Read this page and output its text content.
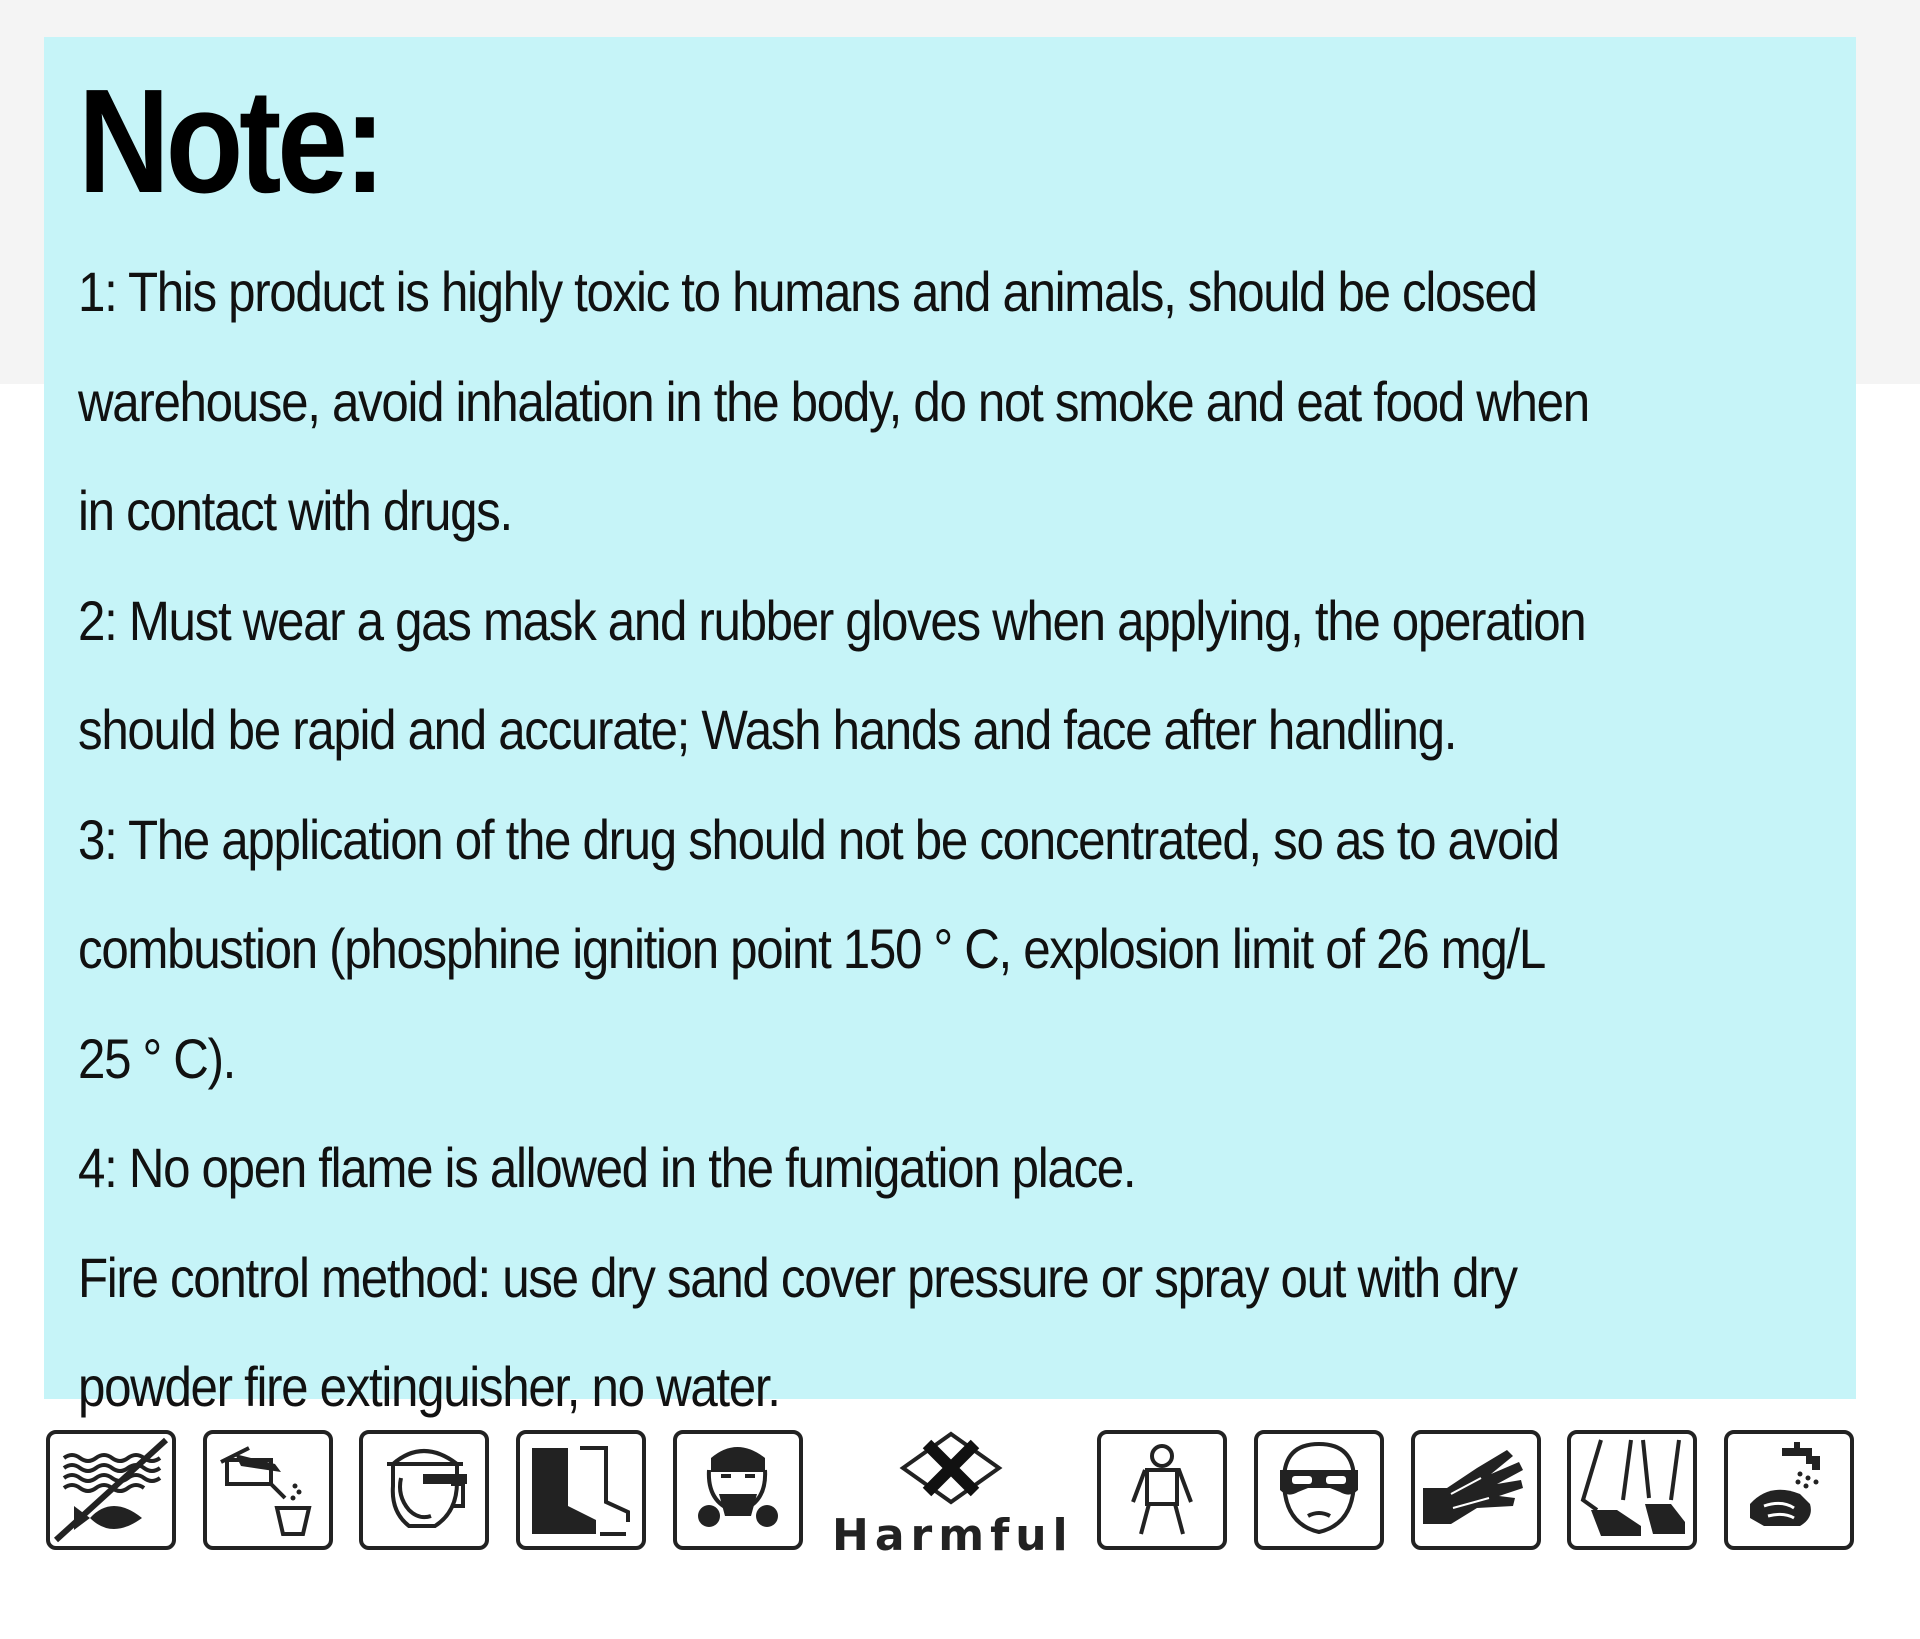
Note:

1: This product is highly toxic to humans and animals, should be closed

warehouse, avoid inhalation in the body, do not smoke and eat food when

in contact with drugs.

2: Must wear a gas mask and rubber gloves when applying, the operation

should be rapid and accurate; Wash hands and face after handling.

3: The application of the drug should not be concentrated, so as to avoid

combustion (phosphine ignition point 150 ° C, explosion limit of 26 mg/L

25 ° C).

4: No open flame is allowed in the fumigation place.

Fire control method: use dry sand cover pressure or spray out with dry

powder fire extinguisher, no water.

Harmful
